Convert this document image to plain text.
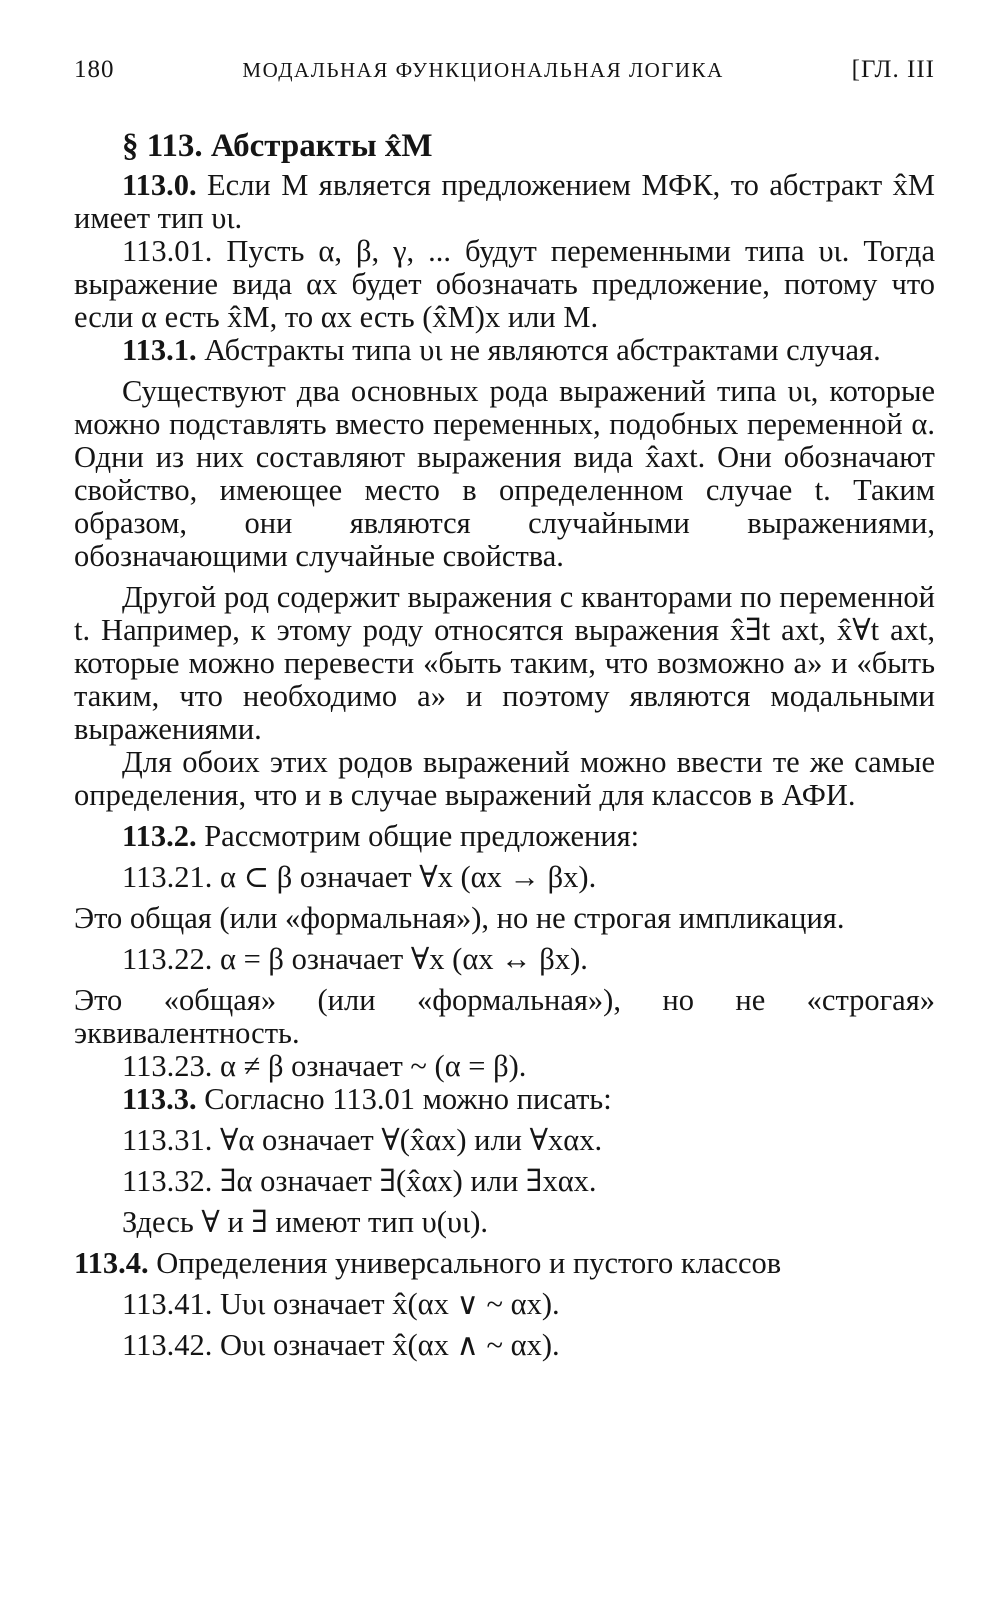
180	МОДАЛЬНАЯ ФУНКЦИОНАЛЬНАЯ ЛОГИКА	[ГЛ. III
§ 113. Абстракты x̂M

113.0. Если M является предложением МФК, то абстракт x̂M имеет тип υι.

113.01. Пусть α, β, γ, ... будут переменными типа υι. Тогда выражение вида αx будет обозначать предложение, потому что если α есть x̂M, то αx есть (x̂M)x или M.

113.1. Абстракты типа υι не являются абстрактами случая.

Существуют два основных рода выражений типа υι, которые можно подставлять вместо переменных, подобных переменной α. Одни из них составляют выражения вида x̂axt. Они обозначают свойство, имеющее место в определенном случае t. Таким образом, они являются случайными выражениями, обозначающими случайные свойства.

Другой род содержит выражения с кванторами по переменной t. Например, к этому роду относятся выражения x̂∃t axt, x̂∀t axt, которые можно перевести «быть таким, что возможно a» и «быть таким, что необходимо a» и поэтому являются модальными выражениями.

Для обоих этих родов выражений можно ввести те же самые определения, что и в случае выражений для классов в АФИ.

113.2. Рассмотрим общие предложения:

113.21. α ⊂ β означает ∀x (αx → βx).

Это общая (или «формальная»), но не строгая импликация.

113.22. α = β означает ∀x (αx ↔ βx).

Это «общая» (или «формальная»), но не «строгая» эквивалентность.

113.23. α ≠ β означает ~ (α = β).

113.3. Согласно 113.01 можно писать:

113.31. ∀α означает ∀(x̂αx) или ∀xαx.

113.32. ∃α означает ∃(x̂αx) или ∃xαx.

Здесь ∀ и ∃ имеют тип υ(υι).

113.4. Определения универсального и пустого классов

113.41. Uυι означает x̂(αx ∨ ~ αx).

113.42. Oυι означает x̂(αx ∧ ~ αx).
